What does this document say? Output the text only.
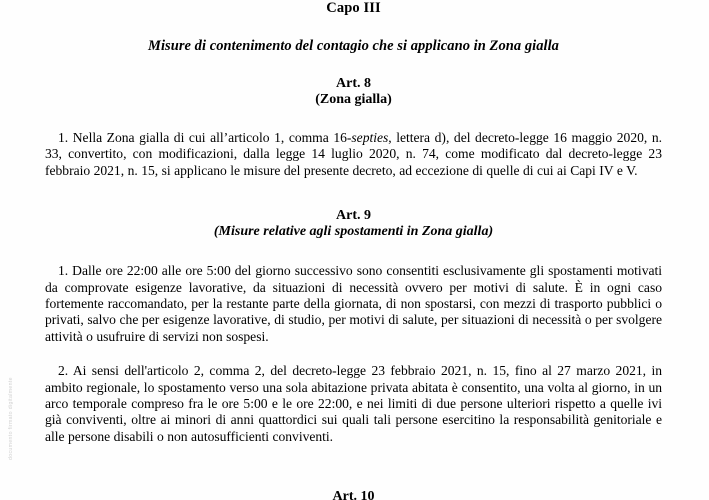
documento firmato digitalmente
Capo III
Misure di contenimento del contagio che si applicano in Zona gialla
Art. 8
(Zona gialla)

1. Nella Zona gialla di cui all’articolo 1, comma 16-septies, lettera d), del decreto-legge 16 maggio 2020, n. 33, convertito, con modificazioni, dalla legge 14 luglio 2020, n. 74, come modificato dal decreto-legge 23 febbraio 2021, n. 15, si applicano le misure del presente decreto, ad eccezione di quelle di cui ai Capi IV e V.

Art. 9
(Misure relative agli spostamenti in Zona gialla)

1. Dalle ore 22:00 alle ore 5:00 del giorno successivo sono consentiti esclusivamente gli spostamenti motivati da comprovate esigenze lavorative, da situazioni di necessità ovvero per motivi di salute. È in ogni caso fortemente raccomandato, per la restante parte della giornata, di non spostarsi, con mezzi di trasporto pubblici o privati, salvo che per esigenze lavorative, di studio, per motivi di salute, per situazioni di necessità o per svolgere attività o usufruire di servizi non sospesi.

2. Ai sensi dell'articolo 2, comma 2, del decreto-legge 23 febbraio 2021, n. 15, fino al 27 marzo 2021, in ambito regionale, lo spostamento verso una sola abitazione privata abitata è consentito, una volta al giorno, in un arco temporale compreso fra le ore 5:00 e le ore 22:00, e nei limiti di due persone ulteriori rispetto a quelle ivi già conviventi, oltre ai minori di anni quattordici sui quali tali persone esercitino la responsabilità genitoriale e alle persone disabili o non autosufficienti conviventi.

Art. 10
